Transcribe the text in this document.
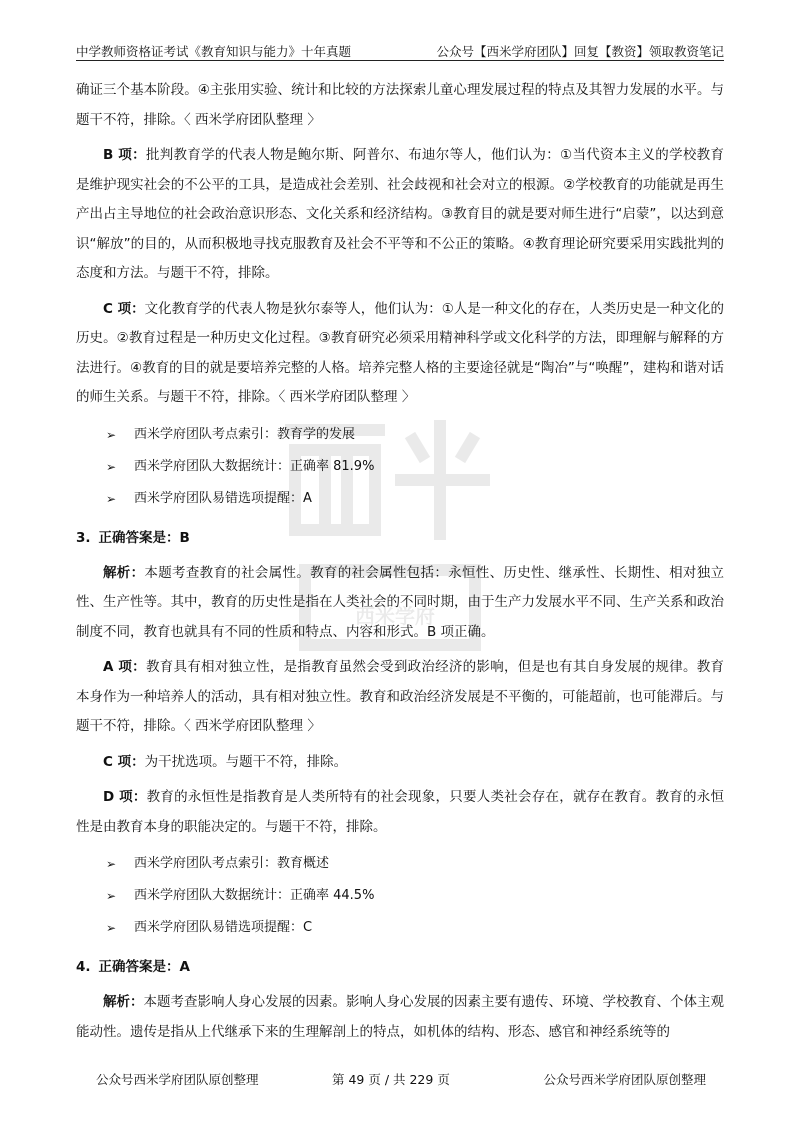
中学教师资格证考试《教育知识与能力》十年真题	公众号【西米学府团队】回复【教资】领取教资笔记
西米学府

确证三个基本阶段。④主张用实验、统计和比较的方法探索儿童心理发展过程的特点及其智力发展的水平。与题干不符，排除。〈 西米学府团队整理 〉

B 项：批判教育学的代表人物是鲍尔斯、阿普尔、布迪尔等人，他们认为：①当代资本主义的学校教育是维护现实社会的不公平的工具，是造成社会差别、社会歧视和社会对立的根源。②学校教育的功能就是再生产出占主导地位的社会政治意识形态、文化关系和经济结构。③教育目的就是要对师生进行“启蒙”，以达到意识“解放”的目的，从而积极地寻找克服教育及社会不平等和不公正的策略。④教育理论研究要采用实践批判的态度和方法。与题干不符，排除。

C 项：文化教育学的代表人物是狄尔泰等人，他们认为：①人是一种文化的存在，人类历史是一种文化的历史。②教育过程是一种历史文化过程。③教育研究必须采用精神科学或文化科学的方法，即理解与解释的方法进行。④教育的目的就是要培养完整的人格。培养完整人格的主要途径就是“陶冶”与“唤醒”，建构和谐对话的师生关系。与题干不符，排除。〈 西米学府团队整理 〉

➢ 西米学府团队考点索引：教育学的发展
➢ 西米学府团队大数据统计：正确率 81.9%
➢ 西米学府团队易错选项提醒：A
3. 正确答案是：B

解析：本题考查教育的社会属性。教育的社会属性包括：永恒性、历史性、继承性、长期性、相对独立性、生产性等。其中，教育的历史性是指在人类社会的不同时期，由于生产力发展水平不同、生产关系和政治制度不同，教育也就具有不同的性质和特点、内容和形式。B 项正确。

A 项：教育具有相对独立性，是指教育虽然会受到政治经济的影响，但是也有其自身发展的规律。教育本身作为一种培养人的活动，具有相对独立性。教育和政治经济发展是不平衡的，可能超前，也可能滞后。与题干不符，排除。〈 西米学府团队整理 〉

C 项：为干扰选项。与题干不符，排除。

D 项：教育的永恒性是指教育是人类所特有的社会现象，只要人类社会存在，就存在教育。教育的永恒性是由教育本身的职能决定的。与题干不符，排除。

➢ 西米学府团队考点索引：教育概述
➢ 西米学府团队大数据统计：正确率 44.5%
➢ 西米学府团队易错选项提醒：C
4. 正确答案是：A

解析：本题考查影响人身心发展的因素。影响人身心发展的因素主要有遗传、环境、学校教育、个体主观能动性。遗传是指从上代继承下来的生理解剖上的特点，如机体的结构、形态、感官和神经系统等的

公众号西米学府团队原创整理	第 49 页 / 共 229 页	公众号西米学府团队原创整理
